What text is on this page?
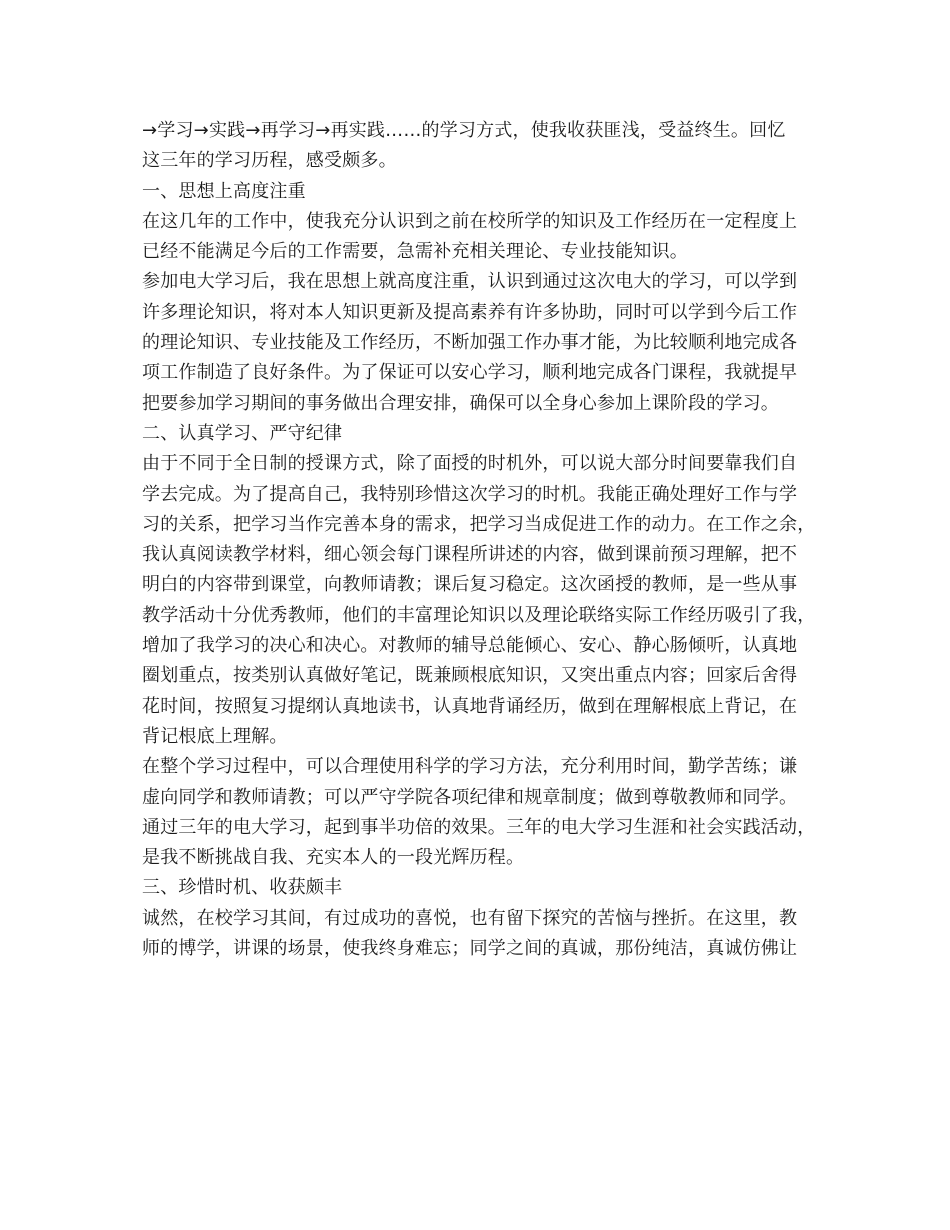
→学习→实践→再学习→再实践……的学习方式，使我收获匪浅，受益终生。回忆
这三年的学习历程，感受颇多。
一、思想上高度注重
在这几年的工作中，使我充分认识到之前在校所学的知识及工作经历在一定程度上
已经不能满足今后的工作需要，急需补充相关理论、专业技能知识。
参加电大学习后，我在思想上就高度注重，认识到通过这次电大的学习，可以学到
许多理论知识，将对本人知识更新及提高素养有许多协助，同时可以学到今后工作
的理论知识、专业技能及工作经历，不断加强工作办事才能，为比较顺利地完成各
项工作制造了良好条件。为了保证可以安心学习，顺利地完成各门课程，我就提早
把要参加学习期间的事务做出合理安排，确保可以全身心参加上课阶段的学习。
二、认真学习、严守纪律
由于不同于全日制的授课方式，除了面授的时机外，可以说大部分时间要靠我们自
学去完成。为了提高自己，我特别珍惜这次学习的时机。我能正确处理好工作与学
习的关系，把学习当作完善本身的需求，把学习当成促进工作的动力。在工作之余，
我认真阅读教学材料，细心领会每门课程所讲述的内容，做到课前预习理解，把不
明白的内容带到课堂，向教师请教；课后复习稳定。这次函授的教师，是一些从事
教学活动十分优秀教师，他们的丰富理论知识以及理论联络实际工作经历吸引了我，
增加了我学习的决心和决心。对教师的辅导总能倾心、安心、静心肠倾听，认真地
圈划重点，按类别认真做好笔记，既兼顾根底知识，又突出重点内容；回家后舍得
花时间，按照复习提纲认真地读书，认真地背诵经历，做到在理解根底上背记，在
背记根底上理解。
在整个学习过程中，可以合理使用科学的学习方法，充分利用时间，勤学苦练；谦
虚向同学和教师请教；可以严守学院各项纪律和规章制度；做到尊敬教师和同学。
通过三年的电大学习，起到事半功倍的效果。三年的电大学习生涯和社会实践活动，
是我不断挑战自我、充实本人的一段光辉历程。
三、珍惜时机、收获颇丰
诚然，在校学习其间，有过成功的喜悦，也有留下探究的苦恼与挫折。在这里，教
师的博学，讲课的场景，使我终身难忘；同学之间的真诚，那份纯洁，真诚仿佛让
